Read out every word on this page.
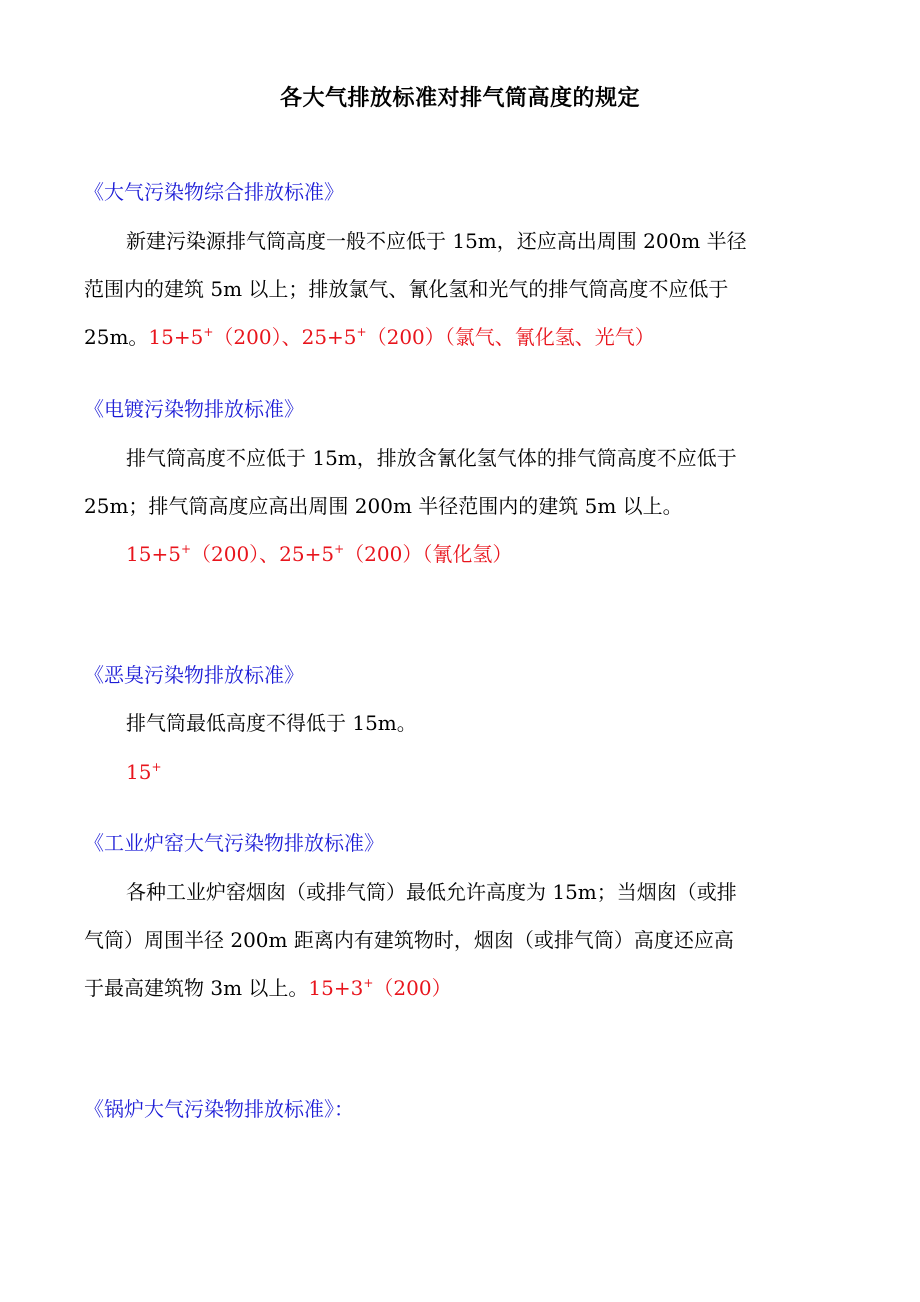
各大气排放标准对排气筒高度的规定
《大气污染物综合排放标准》
新建污染源排气筒高度一般不应低于 15m，还应高出周围 200m 半径
范围内的建筑 5m 以上；排放氯气、氰化氢和光气的排气筒高度不应低于
25m。15+5+（200）、25+5+（200）（氯气、氰化氢、光气）
《电镀污染物排放标准》
排气筒高度不应低于 15m，排放含氰化氢气体的排气筒高度不应低于
25m；排气筒高度应高出周围 200m 半径范围内的建筑 5m 以上。
15+5+（200）、25+5+（200）（氰化氢）
《恶臭污染物排放标准》
排气筒最低高度不得低于 15m。
15+
《工业炉窑大气污染物排放标准》
各种工业炉窑烟囱（或排气筒）最低允许高度为 15m；当烟囱（或排
气筒）周围半径 200m 距离内有建筑物时，烟囱（或排气筒）高度还应高
于最高建筑物 3m 以上。15+3+（200）
《锅炉大气污染物排放标准》：
